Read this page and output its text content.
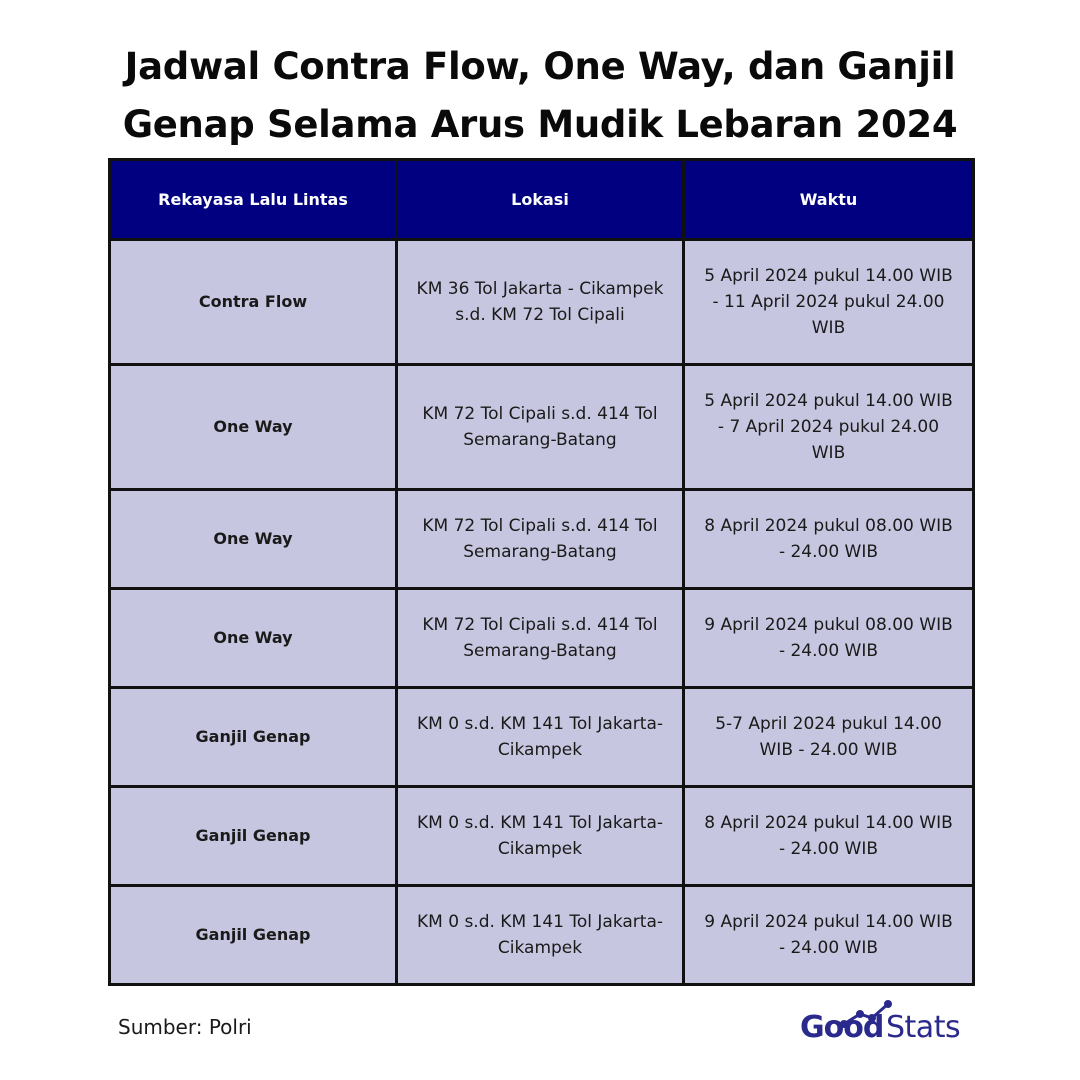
Jadwal Contra Flow, One Way, dan Ganjil Genap Selama Arus Mudik Lebaran 2024
Rekayasa Lalu Lintas	Lokasi	Waktu
Contra Flow	KM 36 Tol Jakarta - Cikampek s.d. KM 72 Tol Cipali	5 April 2024 pukul 14.00 WIB - 11 April 2024 pukul 24.00 WIB
One Way	KM 72 Tol Cipali s.d. 414 Tol Semarang-Batang	5 April 2024 pukul 14.00 WIB - 7 April 2024 pukul 24.00 WIB
One Way	KM 72 Tol Cipali s.d. 414 Tol Semarang-Batang	8 April 2024 pukul 08.00 WIB - 24.00 WIB
One Way	KM 72 Tol Cipali s.d. 414 Tol Semarang-Batang	9 April 2024 pukul 08.00 WIB - 24.00 WIB
Ganjil Genap	KM 0 s.d. KM 141 Tol Jakarta-Cikampek	5-7 April 2024 pukul 14.00 WIB - 24.00 WIB
Ganjil Genap	KM 0 s.d. KM 141 Tol Jakarta-Cikampek	8 April 2024 pukul 14.00 WIB - 24.00 WIB
Ganjil Genap	KM 0 s.d. KM 141 Tol Jakarta-Cikampek	9 April 2024 pukul 14.00 WIB - 24.00 WIB
Sumber: Polri	Good Stats
